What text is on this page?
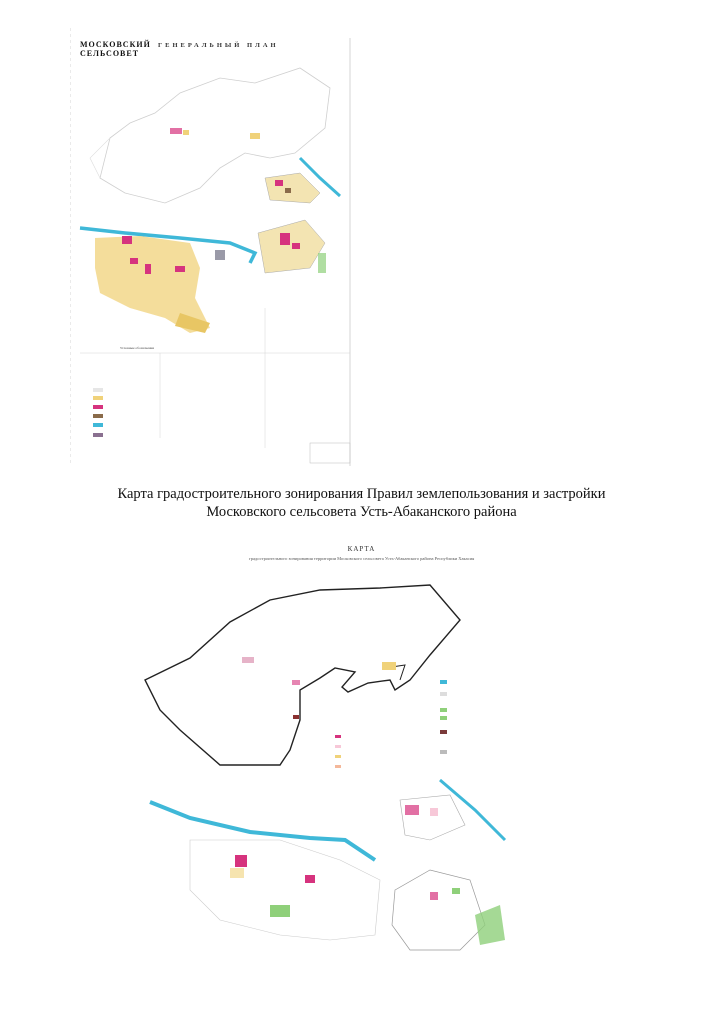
МОСКОВСКИЙ
СЕЛЬСОВЕТ
ГЕНЕРАЛЬНЫЙ ПЛАН
Условные обозначения
Карта градостроительного зонирования Правил землепользования и застройки
Московского сельсовета Усть-Абаканского района
КАРТА
градостроительного зонирования территории Московского сельсовета Усть-Абаканского района Республики Хакасия
